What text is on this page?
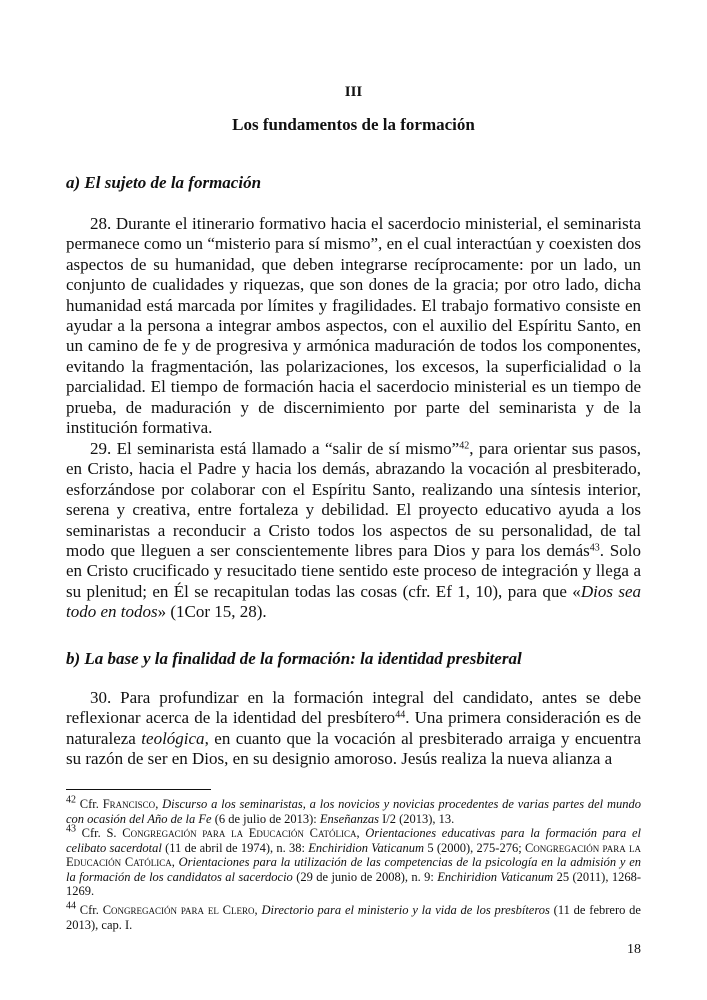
III

Los fundamentos de la formación

a) El sujeto de la formación

28. Durante el itinerario formativo hacia el sacerdocio ministerial, el seminarista permanece como un “misterio para sí mismo”, en el cual interactúan y coexisten dos aspectos de su humanidad, que deben integrarse recíprocamente: por un lado, un conjunto de cualidades y riquezas, que son dones de la gracia; por otro lado, dicha humanidad está marcada por límites y fragilidades. El trabajo formativo consiste en ayudar a la persona a integrar ambos aspectos, con el auxilio del Espíritu Santo, en un camino de fe y de progresiva y armónica maduración de todos los componentes, evitando la fragmentación, las polarizaciones, los excesos, la superficialidad o la parcialidad. El tiempo de formación hacia el sacerdocio ministerial es un tiempo de prueba, de maduración y de discernimiento por parte del seminarista y de la institución formativa.

29. El seminarista está llamado a “salir de sí mismo”$^{42}$, para orientar sus pasos, en Cristo, hacia el Padre y hacia los demás, abrazando la vocación al presbiterado, esforzándose por colaborar con el Espíritu Santo, realizando una síntesis interior, serena y creativa, entre fortaleza y debilidad. El proyecto educativo ayuda a los seminaristas a reconducir a Cristo todos los aspectos de su personalidad, de tal modo que lleguen a ser conscientemente libres para Dios y para los demás$^{43}$. Solo en Cristo crucificado y resucitado tiene sentido este proceso de integración y llega a su plenitud; en Él se recapitulan todas las cosas (cfr. Ef 1, 10), para que «Dios sea todo en todos» (1Cor 15, 28).

b) La base y la finalidad de la formación: la identidad presbiteral

30. Para profundizar en la formación integral del candidato, antes se debe reflexionar acerca de la identidad del presbítero$^{44}$. Una primera consideración es de naturaleza teológica, en cuanto que la vocación al presbiterado arraiga y encuentra su razón de ser en Dios, en su designio amoroso. Jesús realiza la nueva alianza a

$^{42}$ Cfr. Francisco, Discurso a los seminaristas, a los novicios y novicias procedentes de varias partes del mundo con ocasión del Año de la Fe (6 de julio de 2013): Enseñanzas I/2 (2013), 13.

$^{43}$ Cfr. S. Congregación para la Educación Católica, Orientaciones educativas para la formación para el celibato sacerdotal (11 de abril de 1974), n. 38: Enchiridion Vaticanum 5 (2000), 275-276; Congregación para la Educación Católica, Orientaciones para la utilización de las competencias de la psicología en la admisión y en la formación de los candidatos al sacerdocio (29 de junio de 2008), n. 9: Enchiridion Vaticanum 25 (2011), 1268-1269.

$^{44}$ Cfr. Congregación para el Clero, Directorio para el ministerio y la vida de los presbíteros (11 de febrero de 2013), cap. I.

18
